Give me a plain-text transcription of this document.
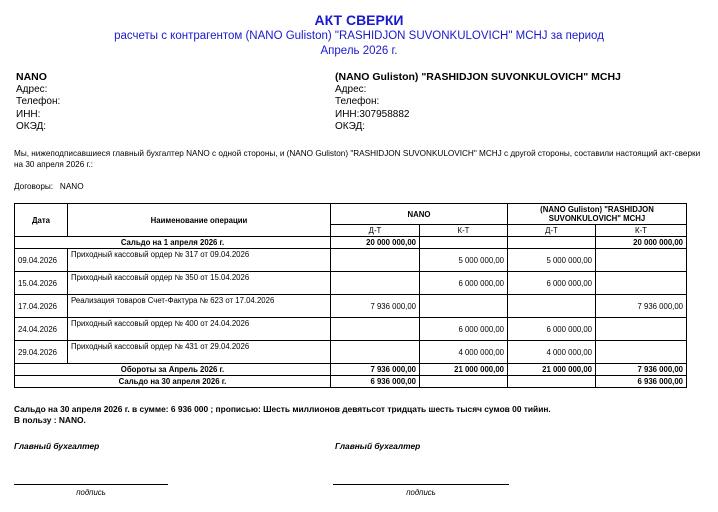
АКТ СВЕРКИ
расчеты с контрагентом (NANO Guliston) "RASHIDJON SUVONKULOVICH" MCHJ за период
Апрель 2026 г.
NANO
Адрес:
Телефон:
ИНН:
ОКЭД:
(NANO Guliston) "RASHIDJON SUVONKULOVICH" MCHJ
Адрес:
Телефон:
ИНН:307958882
ОКЭД:
Мы, нижеподписавшиеся главный бухгалтер NANO с одной стороны, и (NANO Guliston) "RASHIDJON SUVONKULOVICH" MCHJ с другой стороны, составили настоящий акт-сверки на 30 апреля 2026 г.:
Договоры: NANO
Дата	Наименование операции	NANO		(NANO Guliston) "RASHIDJON SUVONKULOVICH" MCHJ	
		Д-Т	К-Т	Д-Т	К-Т
Сальдо на 1 апреля 2026 г.		20 000 000,00			20 000 000,00
09.04.2026	Приходный кассовый ордер № 317 от 09.04.2026		5 000 000,00	5 000 000,00	
15.04.2026	Приходный кассовый ордер № 350 от 15.04.2026		6 000 000,00	6 000 000,00	
17.04.2026	Реализация товаров Счет-Фактура № 623 от 17.04.2026	7 936 000,00			7 936 000,00
24.04.2026	Приходный кассовый ордер № 400 от 24.04.2026		6 000 000,00	6 000 000,00	
29.04.2026	Приходный кассовый ордер № 431 от 29.04.2026		4 000 000,00	4 000 000,00	
Обороты за Апрель 2026 г.		7 936 000,00	21 000 000,00	21 000 000,00	7 936 000,00
Сальдо на 30 апреля 2026 г.		6 936 000,00			6 936 000,00
Сальдо на 30 апреля 2026 г. в сумме: 6 936 000 ; прописью: Шесть миллионов девятьсот тридцать шесть тысяч сумов 00 тийин.
В пользу : NANO.
Главный бухгалтер	Главный бухгалтер
подпись	подпись
